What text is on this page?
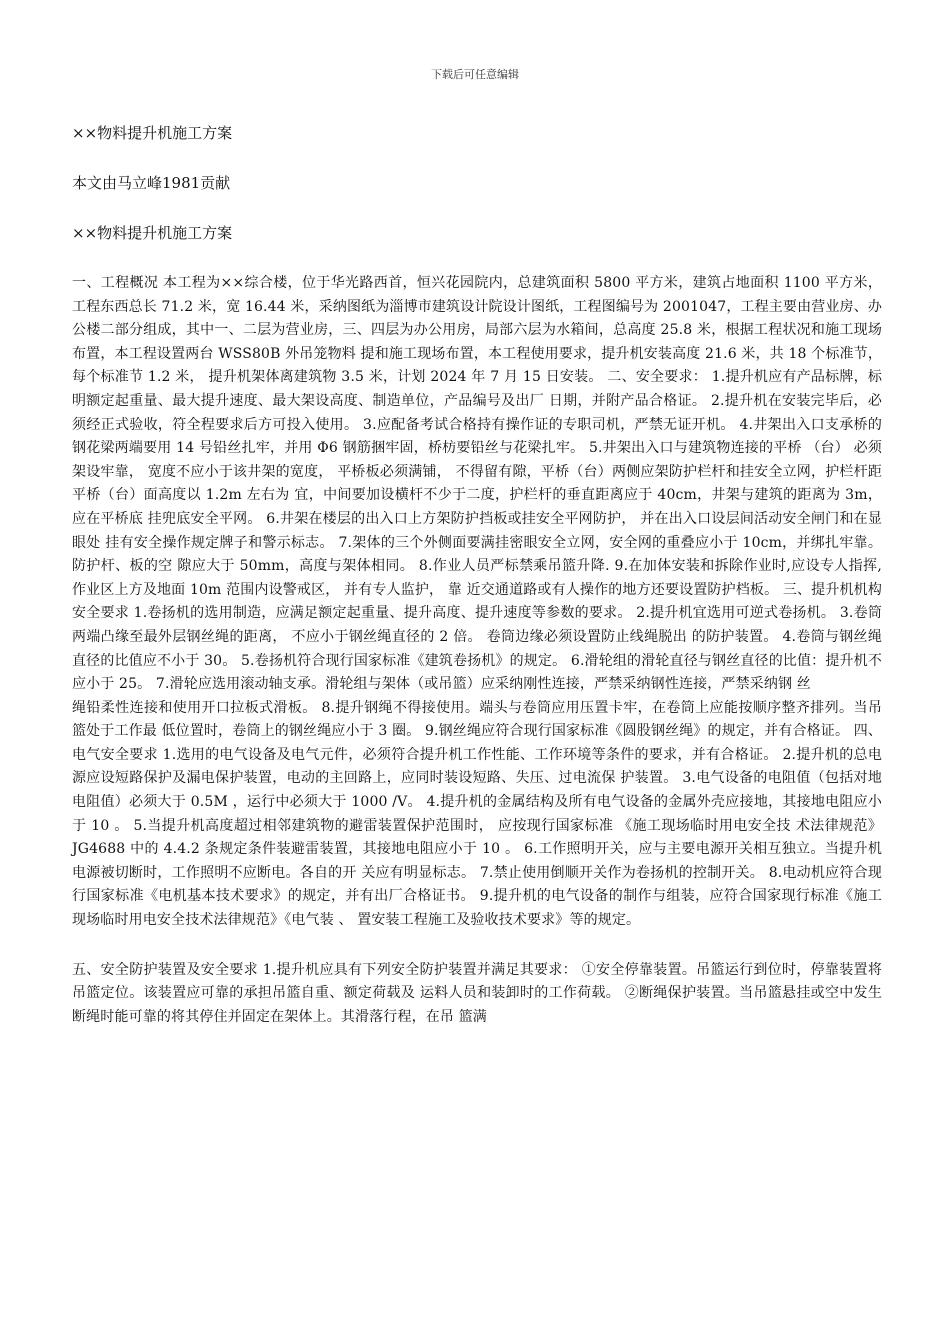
下载后可任意编辑
××物料提升机施工方案
本文由马立峰1981贡献
××物料提升机施工方案

一、工程概况 本工程为××综合楼，位于华光路西首，恒兴花园院内，总建筑面积 5800 平方米，建筑占地面积 1100 平方米，工程东西总长 71.2 米，宽 16.44 米，采纳图纸为淄博市建筑设计院设计图纸，工程图编号为 2001047，工程主要由营业房、办公楼二部分组成，其中一、二层为营业房，三、四层为办公用房，局部六层为水箱间，总高度 25.8 米，根据工程状况和施工现场布置，本工程设置两台 WSS80B 外吊笼物料 提和施工现场布置，本工程使用要求，提升机安装高度 21.6 米，共 18 个标准节，每个标准节 1.2 米， 提升机架体离建筑物 3.5 米，计划 2024 年 7 月 15 日安装。 二、安全要求： 1.提升机应有产品标牌，标明额定起重量、最大提升速度、最大架设高度、制造单位，产品编号及出厂 日期，并附产品合格证。 2.提升机在安装完毕后，必须经正式验收，符全程要求后方可投入使用。 3.应配备考试合格持有操作证的专职司机，严禁无证开机。 4.井架出入口支承桥的钢花梁两端要用 14 号铅丝扎牢，并用 Φ6 钢筋捆牢固，桥枋要铅丝与花梁扎牢。 5.井架出入口与建筑物连接的平桥 （台） 必须架设牢靠， 宽度不应小于该井架的宽度， 平桥板必须满铺， 不得留有隙，平桥（台）两侧应架防护栏杆和挂安全立网，护栏杆距平桥（台）面高度以 1.2m 左右为 宜，中间要加设横杆不少于二度，护栏杆的垂直距离应于 40cm，井架与建筑的距离为 3m，应在平桥底 挂兜底安全平网。 6.井架在楼层的出入口上方架防护挡板或挂安全平网防护， 并在出入口设层间活动安全闸门和在显眼处 挂有安全操作规定牌子和警示标志。 7.架体的三个外侧面要满挂密眼安全立网，安全网的重叠应小于 10cm，并绑扎牢靠。防护杆、板的空 隙应大于 50mm，高度与架体相同。 8.作业人员严标禁乘吊篮升降. 9.在加体安装和拆除作业时,应设专人指挥,作业区上方及地面 10m 范围内设警戒区， 并有专人监护， 靠 近交通道路或有人操作的地方还要设置防护档板。 三、提升机机构安全要求 1.卷扬机的选用制造，应满足额定起重量、提升高度、提升速度等参数的要求。 2.提升机宜选用可逆式卷扬机。 3.卷筒两端凸缘至最外层钢丝绳的距离， 不应小于钢丝绳直径的 2 倍。 卷筒边缘必须设置防止线绳脱出 的防护装置。 4.卷筒与钢丝绳直径的比值应不小于 30。 5.卷扬机符合现行国家标准《建筑卷扬机》的规定。 6.滑轮组的滑轮直径与钢丝直径的比值：提升机不应小于 25。 7.滑轮应选用滚动轴支承。滑轮组与架体（或吊篮）应采纳刚性连接，严禁采纳钢性连接，严禁采纳钢 丝

绳铅柔性连接和使用开口拉板式滑板。 8.提升钢绳不得接使用。端头与卷筒应用压置卡牢，在卷筒上应能按顺序整齐排列。当吊篮处于工作最 低位置时，卷筒上的钢丝绳应小于 3 圈。 9.钢丝绳应符合现行国家标准《圆股钢丝绳》的规定，并有合格证。 四、电气安全要求 1.选用的电气设备及电气元件，必须符合提升机工作性能、工作环境等条件的要求，并有合格证。 2.提升机的总电源应设短路保护及漏电保护装置，电动的主回路上，应同时装设短路、失压、过电流保 护装置。 3.电气设备的电阻值（包括对地电阻值）必须大于 0.5M ，运行中必须大于 1000 /V。 4.提升机的金属结构及所有电气设备的金属外壳应接地，其接地电阻应小于 10 。 5.当提升机高度超过相邻建筑物的避雷装置保护范围时， 应按现行国家标准 《施工现场临时用电安全技 术法律规范》JG4688 中的 4.4.2 条规定条件装避雷装置，其接地电阻应小于 10 。 6.工作照明开关，应与主要电源开关相互独立。当提升机电源被切断时，工作照明不应断电。各自的开 关应有明显标志。 7.禁止使用倒顺开关作为卷扬机的控制开关。 8.电动机应符合现行国家标准《电机基本技术要求》的规定，并有出厂合格证书。 9.提升机的电气设备的制作与组装，应符合国家现行标准《施工现场临时用电安全技术法律规范》《电气装 、 置安装工程施工及验收技术要求》等的规定。

五、安全防护装置及安全要求 1.提升机应具有下列安全防护装置并满足其要求： ①安全停靠装置。吊篮运行到位时，停靠装置将吊篮定位。该装置应可靠的承担吊篮自重、额定荷载及 运料人员和装卸时的工作荷载。 ②断绳保护装置。当吊篮悬挂或空中发生断绳时能可靠的将其停住并固定在架体上。其滑落行程，在吊 篮满
